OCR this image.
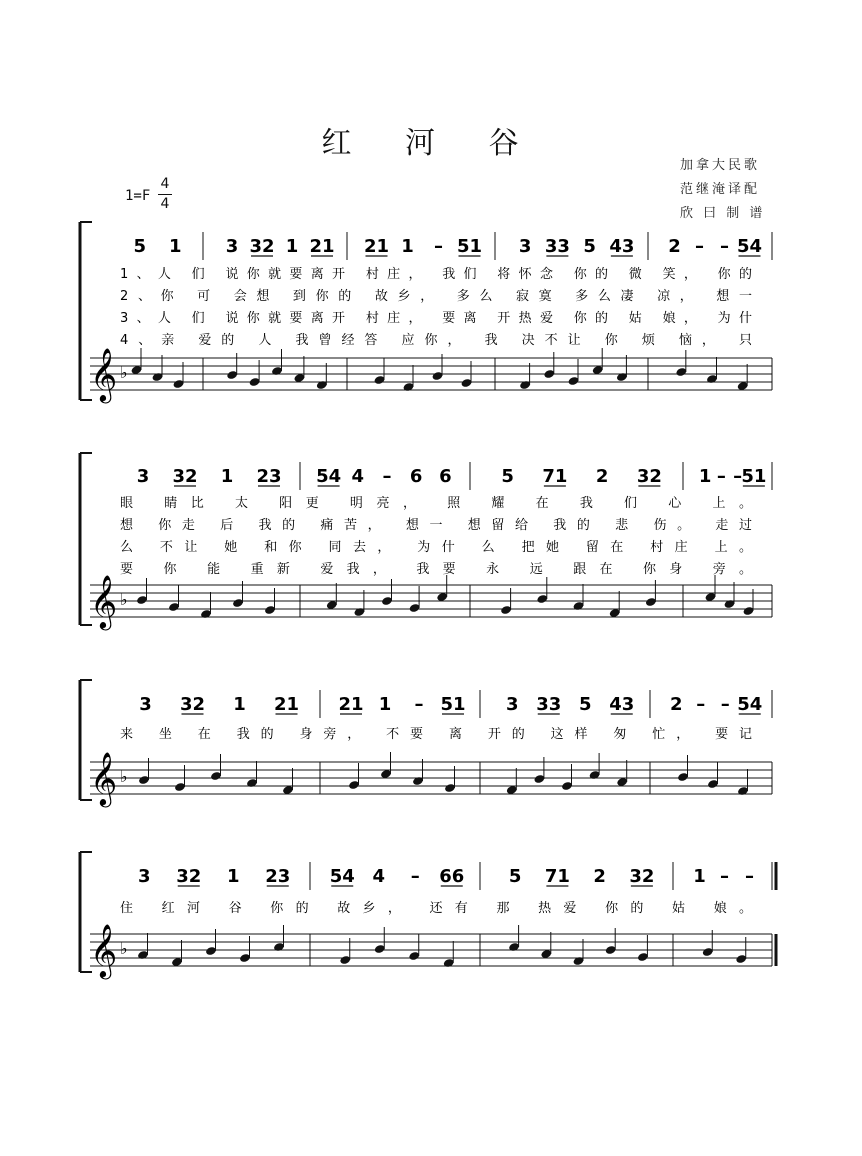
红 河 谷
加拿大民歌
范继淹译配
欣 曰 制 谱
1=F
4
4
5 1 3 32 1 21 21 1 – 51 3 33 5 43 2 – – 54
1、人 们 说你就要离开 村庄， 我们 将怀念 你的 微 笑， 你的
2、你 可 会想 到你的 故乡， 多么 寂寞 多么凄 凉， 想一
3、人 们 说你就要离开 村庄， 要离 开热爱 你的 姑 娘， 为什
4、亲 爱的 人 我曾经答 应你， 我 决不让 你 烦 恼， 只
𝄞 ♭
3 32 1 23 54 4 – 6 6	5 71 2 32 1 – – 51
眼 睛比 太 阳更 明亮， 照 耀 在 我 们 心 上。
想 你走 后 我的 痛苦， 想一 想留给 我的 悲 伤。 走过
么 不让 她 和你 同去， 为什 么 把她 留在 村庄 上。
要 你 能 重新 爱我， 我要 永 远 跟在 你身 旁。
𝄞 ♭
3 32 1 21 21 1 – 51 3 33 5 43 2 – – 54
来 坐 在 我的 身旁， 不要 离 开的 这样 匆 忙， 要记
𝄞 ♭
3 32 1 23 54 4 – 66 5 71 2 32 1 – –
住 红河 谷 你的 故乡， 还有 那 热爱 你的 姑 娘。
𝄞 ♭
